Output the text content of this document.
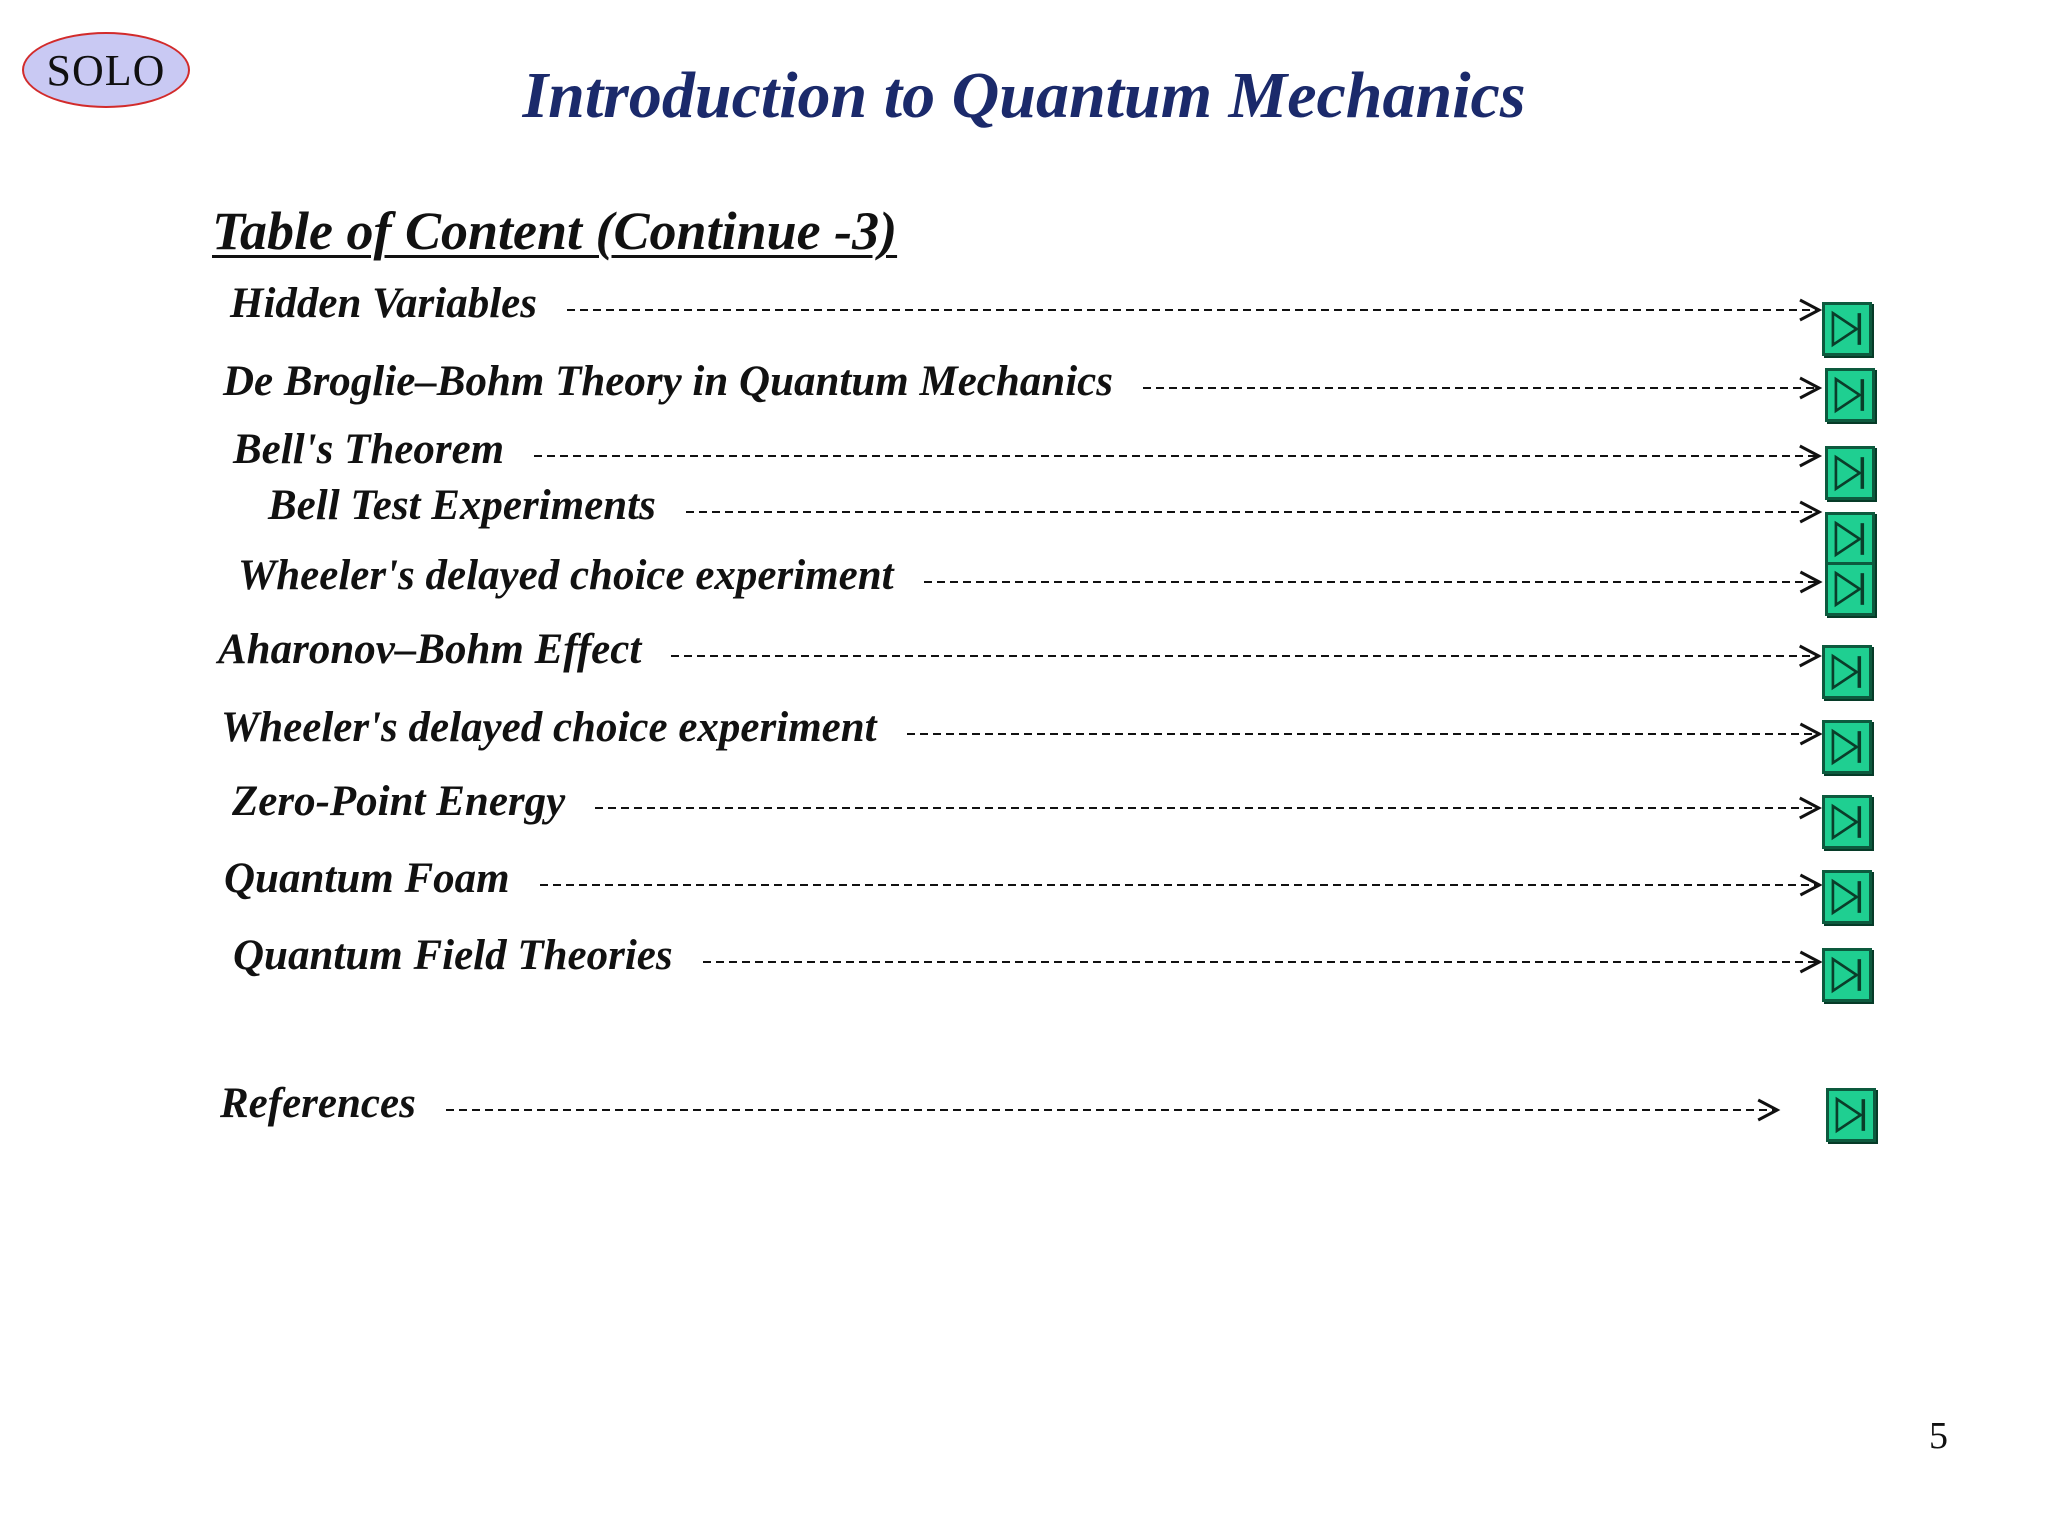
SOLO	Introduction to Quantum Mechanics
Table of Content (Continue -3)
Hidden Variables
De Broglie–Bohm Theory in Quantum Mechanics
Bell's Theorem
Bell Test Experiments
Wheeler's delayed choice experiment
Aharonov–Bohm Effect
Wheeler's delayed choice experiment
Zero-Point Energy
Quantum Foam
Quantum Field Theories
References
5
